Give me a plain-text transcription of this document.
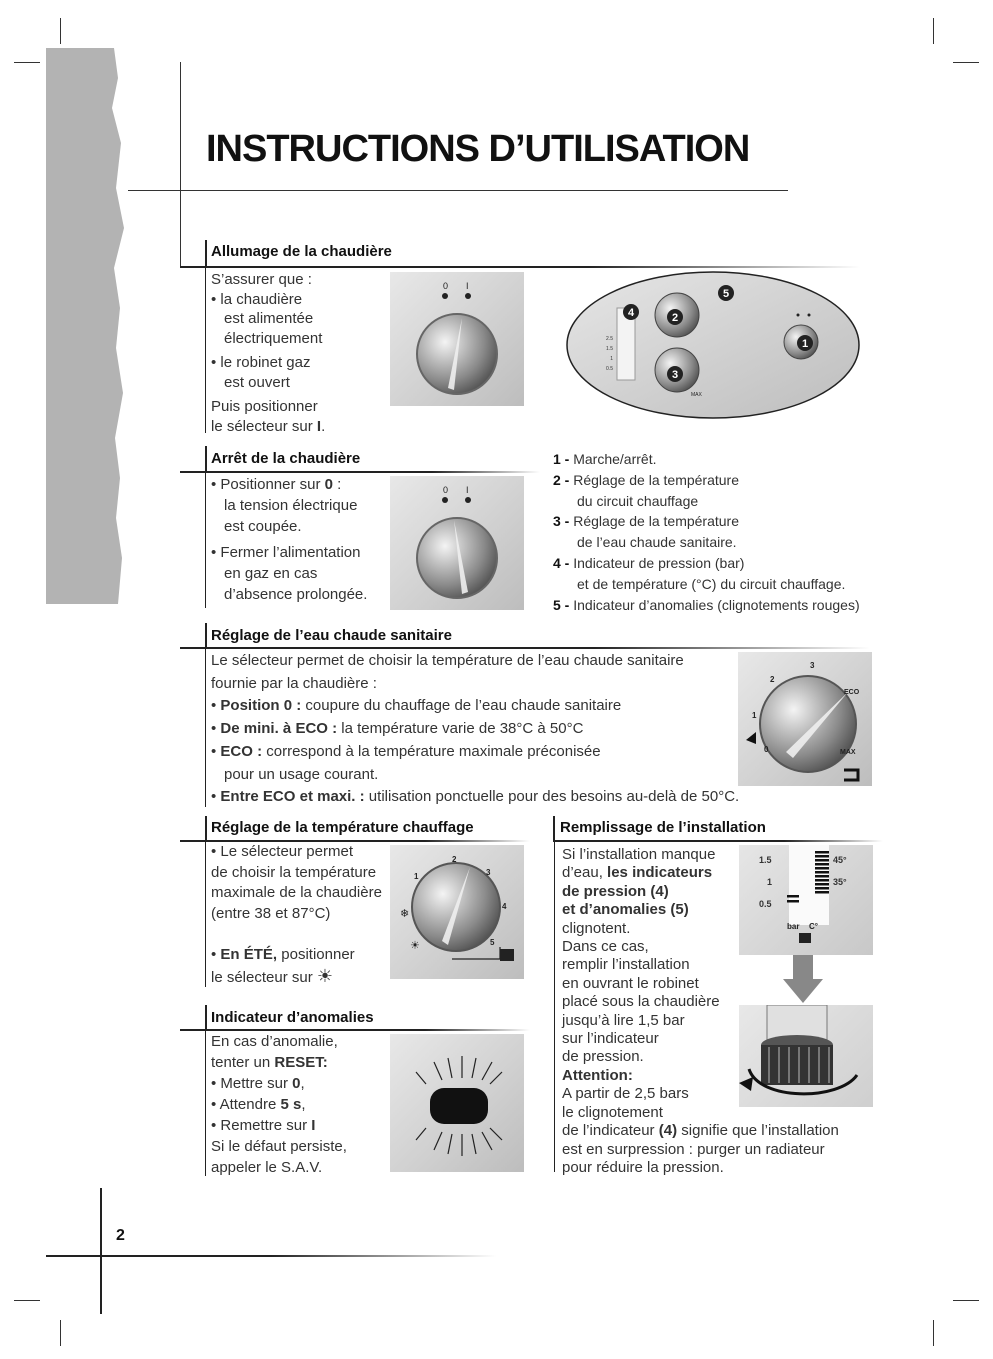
INSTRUCTIONS D’UTILISATION
Allumage de la chaudière

S’assurer que :

• la chaudière

est alimentée

électriquement

• le robinet gaz

est ouvert

Puis positionner

le sélecteur sur I.

0 I
2.5
1.5
1
0.5
MAX
1
2
3
4
5
Arrêt de la chaudière

• Positionner sur 0 :

la tension électrique

est coupée.

• Fermer l’alimentation

en gaz en cas

d’absence prolongée.

0 I
1 - Marche/arrêt.
2 - Réglage de la température
du circuit chauffage
3 - Réglage de la température
de l’eau chaude sanitaire.
4 - Indicateur de pression (bar)
et de température (°C) du circuit chauffage.
5 - Indicateur d’anomalies (clignotements rouges)
Réglage de l’eau chaude sanitaire

Le sélecteur permet de choisir la température de l’eau chaude sanitaire

fournie par la chaudière :

• Position 0 : coupure du chauffage de l’eau chaude sanitaire

• De mini. à ECO : la température varie de 38°C à 50°C

• ECO : correspond à la température maximale préconisée

pour un usage courant.

• Entre ECO et maxi. : utilisation ponctuelle pour des besoins au-delà de 50°C.

0
1
2
3
ECO
MAX
Réglage de la température chauffage

• Le sélecteur permet

de choisir la température

maximale de la chaudière

(entre 38 et 87°C)

• En ÉTÉ, positionner

le sélecteur sur ☀

1
2
3
4
5
❄
☀
Indicateur d’anomalies

En cas d’anomalie,

tenter un RESET:

• Mettre sur 0,

• Attendre 5 s,

• Remettre sur I

Si le défaut persiste,

appeler le S.A.V.

Remplissage de l’installation

Si l’installation manque

d’eau, les indicateurs

de pression (4)

et d’anomalies (5)

clignotent.

Dans ce cas,

remplir l’installation

en ouvrant le robinet

placé sous la chaudière

jusqu’à lire 1,5 bar

sur l’indicateur

de pression.

Attention:

A partir de 2,5 bars

le clignotement

de l’indicateur (4) signifie que l’installation

est en surpression : purger un radiateur

pour réduire la pression.

1.5
1
0.5
45°
35°
bar C°
2
